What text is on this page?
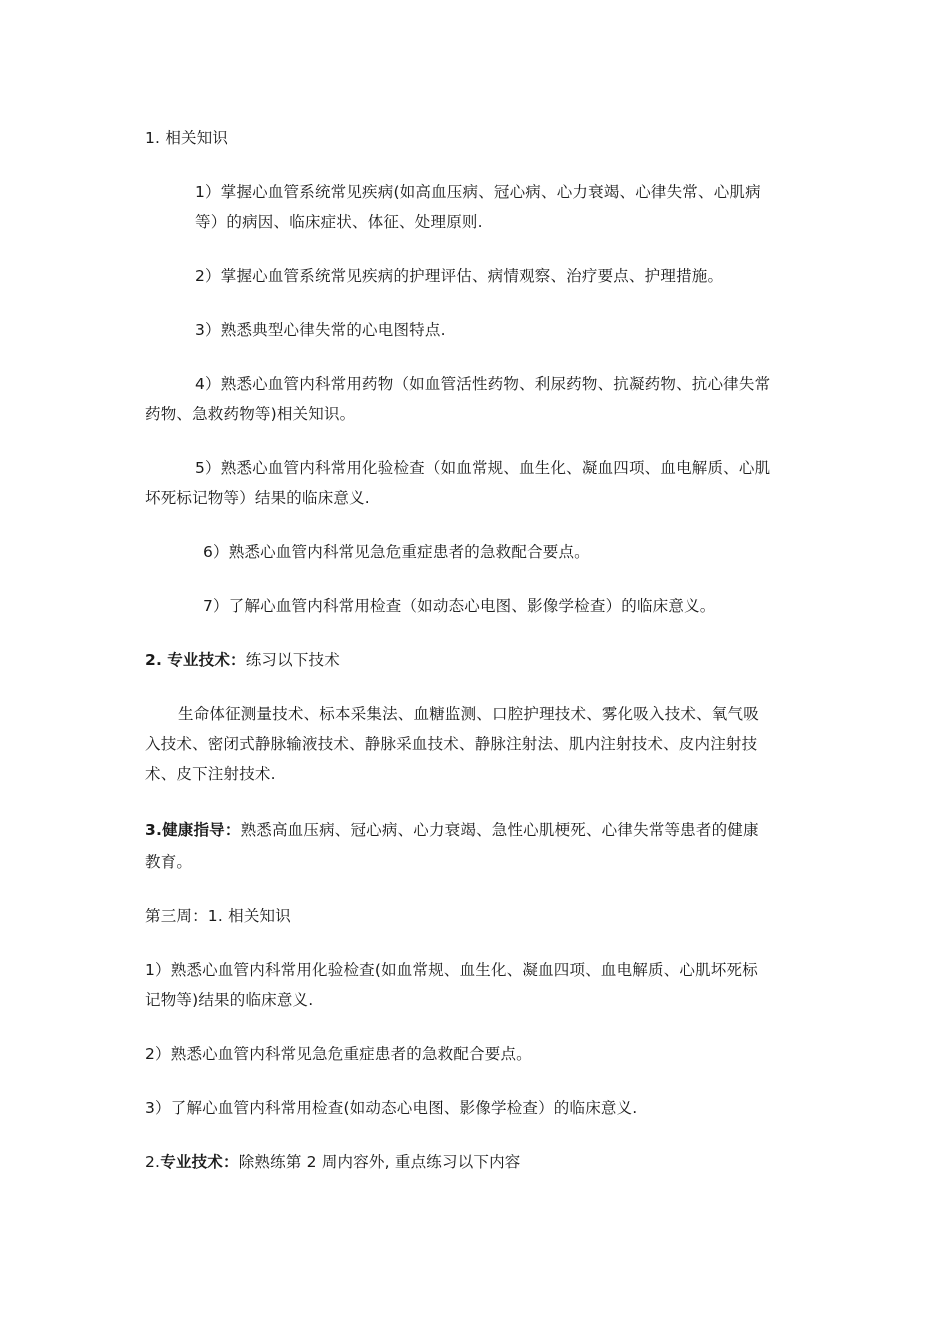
1. 相关知识
1）掌握心血管系统常见疾病(如高血压病、冠心病、心力衰竭、心律失常、心肌病
等）的病因、临床症状、体征、处理原则.
2）掌握心血管系统常见疾病的护理评估、病情观察、治疗要点、护理措施。
3）熟悉典型心律失常的心电图特点.
4）熟悉心血管内科常用药物（如血管活性药物、利尿药物、抗凝药物、抗心律失常
药物、急救药物等)相关知识。
5）熟悉心血管内科常用化验检查（如血常规、血生化、凝血四项、血电解质、心肌
坏死标记物等）结果的临床意义.
6）熟悉心血管内科常见急危重症患者的急救配合要点。
7）了解心血管内科常用检查（如动态心电图、影像学检查）的临床意义。
2. 专业技术：练习以下技术
生命体征测量技术、标本采集法、血糖监测、口腔护理技术、雾化吸入技术、氧气吸
入技术、密闭式静脉输液技术、静脉采血技术、静脉注射法、肌内注射技术、皮内注射技
术、皮下注射技术.
3.健康指导：熟悉高血压病、冠心病、心力衰竭、急性心肌梗死、心律失常等患者的健康
教育。
第三周：1. 相关知识
1）熟悉心血管内科常用化验检查(如血常规、血生化、凝血四项、血电解质、心肌坏死标
记物等)结果的临床意义.
2）熟悉心血管内科常见急危重症患者的急救配合要点。
3）了解心血管内科常用检查(如动态心电图、影像学检查）的临床意义.
2.专业技术：除熟练第 2 周内容外, 重点练习以下内容
